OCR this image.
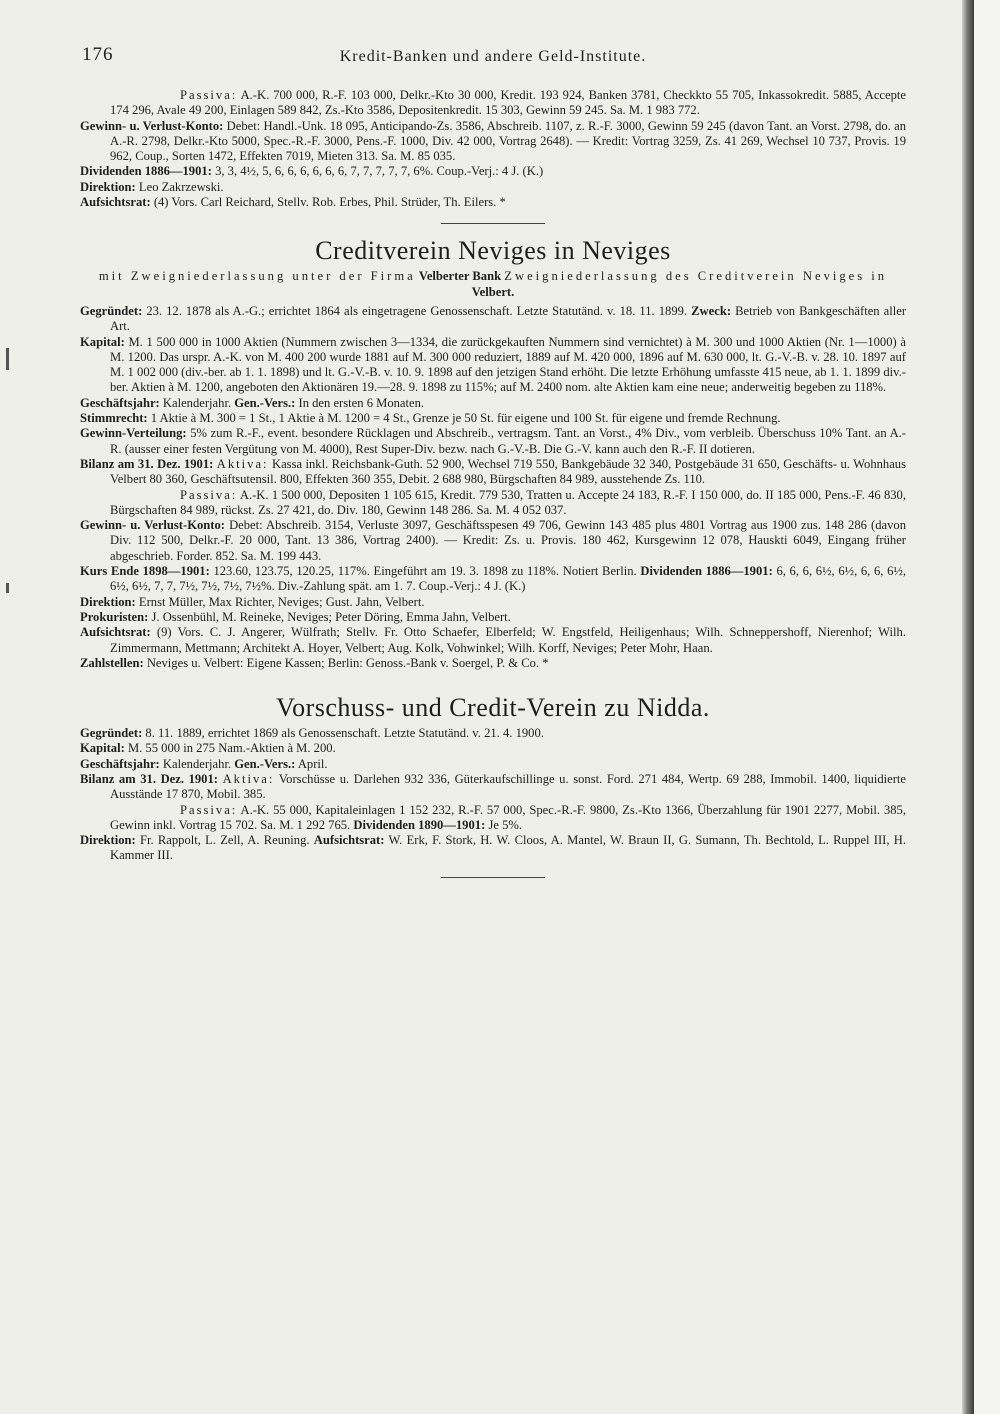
176	Kredit-Banken und andere Geld-Institute.

Passiva: A.-K. 700 000, R.-F. 103 000, Delkr.-Kto 30 000, Kredit. 193 924, Banken 3781, Checkkto 55 705, Inkassokredit. 5885, Accepte 174 296, Avale 49 200, Einlagen 589 842, Zs.-Kto 3586, Depositenkredit. 15 303, Gewinn 59 245. Sa. M. 1 983 772.

Gewinn- u. Verlust-Konto: Debet: Handl.-Unk. 18 095, Anticipando-Zs. 3586, Abschreib. 1107, z. R.-F. 3000, Gewinn 59 245 (davon Tant. an Vorst. 2798, do. an A.-R. 2798, Delkr.-Kto 5000, Spec.-R.-F. 3000, Pens.-F. 1000, Div. 42 000, Vortrag 2648). — Kredit: Vortrag 3259, Zs. 41 269, Wechsel 10 737, Provis. 19 962, Coup., Sorten 1472, Effekten 7019, Mieten 313. Sa. M. 85 035.

Dividenden 1886—1901: 3, 3, 4½, 5, 6, 6, 6, 6, 6, 6, 7, 7, 7, 7, 7, 6%. Coup.-Verj.: 4 J. (K.)

Direktion: Leo Zakrzewski.

Aufsichtsrat: (4) Vors. Carl Reichard, Stellv. Rob. Erbes, Phil. Strüder, Th. Eilers. *

Creditverein Neviges in Neviges
mit Zweigniederlassung unter der Firma Velberter Bank Zweigniederlassung des Creditverein Neviges in Velbert.

Gegründet: 23. 12. 1878 als A.-G.; errichtet 1864 als eingetragene Genossenschaft. Letzte Statutänd. v. 18. 11. 1899. Zweck: Betrieb von Bankgeschäften aller Art.

Kapital: M. 1 500 000 in 1000 Aktien (Nummern zwischen 3—1334, die zurückgekauften Nummern sind vernichtet) à M. 300 und 1000 Aktien (Nr. 1—1000) à M. 1200. Das urspr. A.-K. von M. 400 200 wurde 1881 auf M. 300 000 reduziert, 1889 auf M. 420 000, 1896 auf M. 630 000, lt. G.-V.-B. v. 28. 10. 1897 auf M. 1 002 000 (div.-ber. ab 1. 1. 1898) und lt. G.-V.-B. v. 10. 9. 1898 auf den jetzigen Stand erhöht. Die letzte Erhöhung umfasste 415 neue, ab 1. 1. 1899 div.-ber. Aktien à M. 1200, angeboten den Aktionären 19.—28. 9. 1898 zu 115%; auf M. 2400 nom. alte Aktien kam eine neue; anderweitig begeben zu 118%.

Geschäftsjahr: Kalenderjahr. Gen.-Vers.: In den ersten 6 Monaten.

Stimmrecht: 1 Aktie à M. 300 = 1 St., 1 Aktie à M. 1200 = 4 St., Grenze je 50 St. für eigene und 100 St. für eigene und fremde Rechnung.

Gewinn-Verteilung: 5% zum R.-F., event. besondere Rücklagen und Abschreib., vertragsm. Tant. an Vorst., 4% Div., vom verbleib. Überschuss 10% Tant. an A.-R. (ausser einer festen Vergütung von M. 4000), Rest Super-Div. bezw. nach G.-V.-B. Die G.-V. kann auch den R.-F. II dotieren.

Bilanz am 31. Dez. 1901: Aktiva: Kassa inkl. Reichsbank-Guth. 52 900, Wechsel 719 550, Bankgebäude 32 340, Postgebäude 31 650, Geschäfts- u. Wohnhaus Velbert 80 360, Geschäftsutensil. 800, Effekten 360 355, Debit. 2 688 980, Bürgschaften 84 989, ausstehende Zs. 110.

Passiva: A.-K. 1 500 000, Depositen 1 105 615, Kredit. 779 530, Tratten u. Accepte 24 183, R.-F. I 150 000, do. II 185 000, Pens.-F. 46 830, Bürgschaften 84 989, rückst. Zs. 27 421, do. Div. 180, Gewinn 148 286. Sa. M. 4 052 037.

Gewinn- u. Verlust-Konto: Debet: Abschreib. 3154, Verluste 3097, Geschäftsspesen 49 706, Gewinn 143 485 plus 4801 Vortrag aus 1900 zus. 148 286 (davon Div. 112 500, Delkr.-F. 20 000, Tant. 13 386, Vortrag 2400). — Kredit: Zs. u. Provis. 180 462, Kursgewinn 12 078, Hauskti 6049, Eingang früher abgeschrieb. Forder. 852. Sa. M. 199 443.

Kurs Ende 1898—1901: 123.60, 123.75, 120.25, 117%. Eingeführt am 19. 3. 1898 zu 118%. Notiert Berlin. Dividenden 1886—1901: 6, 6, 6, 6½, 6½, 6, 6, 6½, 6½, 6½, 7, 7, 7½, 7½, 7½, 7½%. Div.-Zahlung spät. am 1. 7. Coup.-Verj.: 4 J. (K.)

Direktion: Ernst Müller, Max Richter, Neviges; Gust. Jahn, Velbert.

Prokuristen: J. Ossenbühl, M. Reineke, Neviges; Peter Döring, Emma Jahn, Velbert.

Aufsichtsrat: (9) Vors. C. J. Angerer, Wülfrath; Stellv. Fr. Otto Schaefer, Elberfeld; W. Engstfeld, Heiligenhaus; Wilh. Schneppershoff, Nierenhof; Wilh. Zimmermann, Mettmann; Architekt A. Hoyer, Velbert; Aug. Kolk, Vohwinkel; Wilh. Korff, Neviges; Peter Mohr, Haan.

Zahlstellen: Neviges u. Velbert: Eigene Kassen; Berlin: Genoss.-Bank v. Soergel, P. & Co. *

Vorschuss- und Credit-Verein zu Nidda.

Gegründet: 8. 11. 1889, errichtet 1869 als Genossenschaft. Letzte Statutänd. v. 21. 4. 1900.

Kapital: M. 55 000 in 275 Nam.-Aktien à M. 200.

Geschäftsjahr: Kalenderjahr. Gen.-Vers.: April.

Bilanz am 31. Dez. 1901: Aktiva: Vorschüsse u. Darlehen 932 336, Güterkaufschillinge u. sonst. Ford. 271 484, Wertp. 69 288, Immobil. 1400, liquidierte Ausstände 17 870, Mobil. 385.

Passiva: A.-K. 55 000, Kapitaleinlagen 1 152 232, R.-F. 57 000, Spec.-R.-F. 9800, Zs.-Kto 1366, Überzahlung für 1901 2277, Mobil. 385, Gewinn inkl. Vortrag 15 702. Sa. M. 1 292 765. Dividenden 1890—1901: Je 5%.

Direktion: Fr. Rappolt, L. Zell, A. Reuning. Aufsichtsrat: W. Erk, F. Stork, H. W. Cloos, A. Mantel, W. Braun II, G. Sumann, Th. Bechtold, L. Ruppel III, H. Kammer III.
